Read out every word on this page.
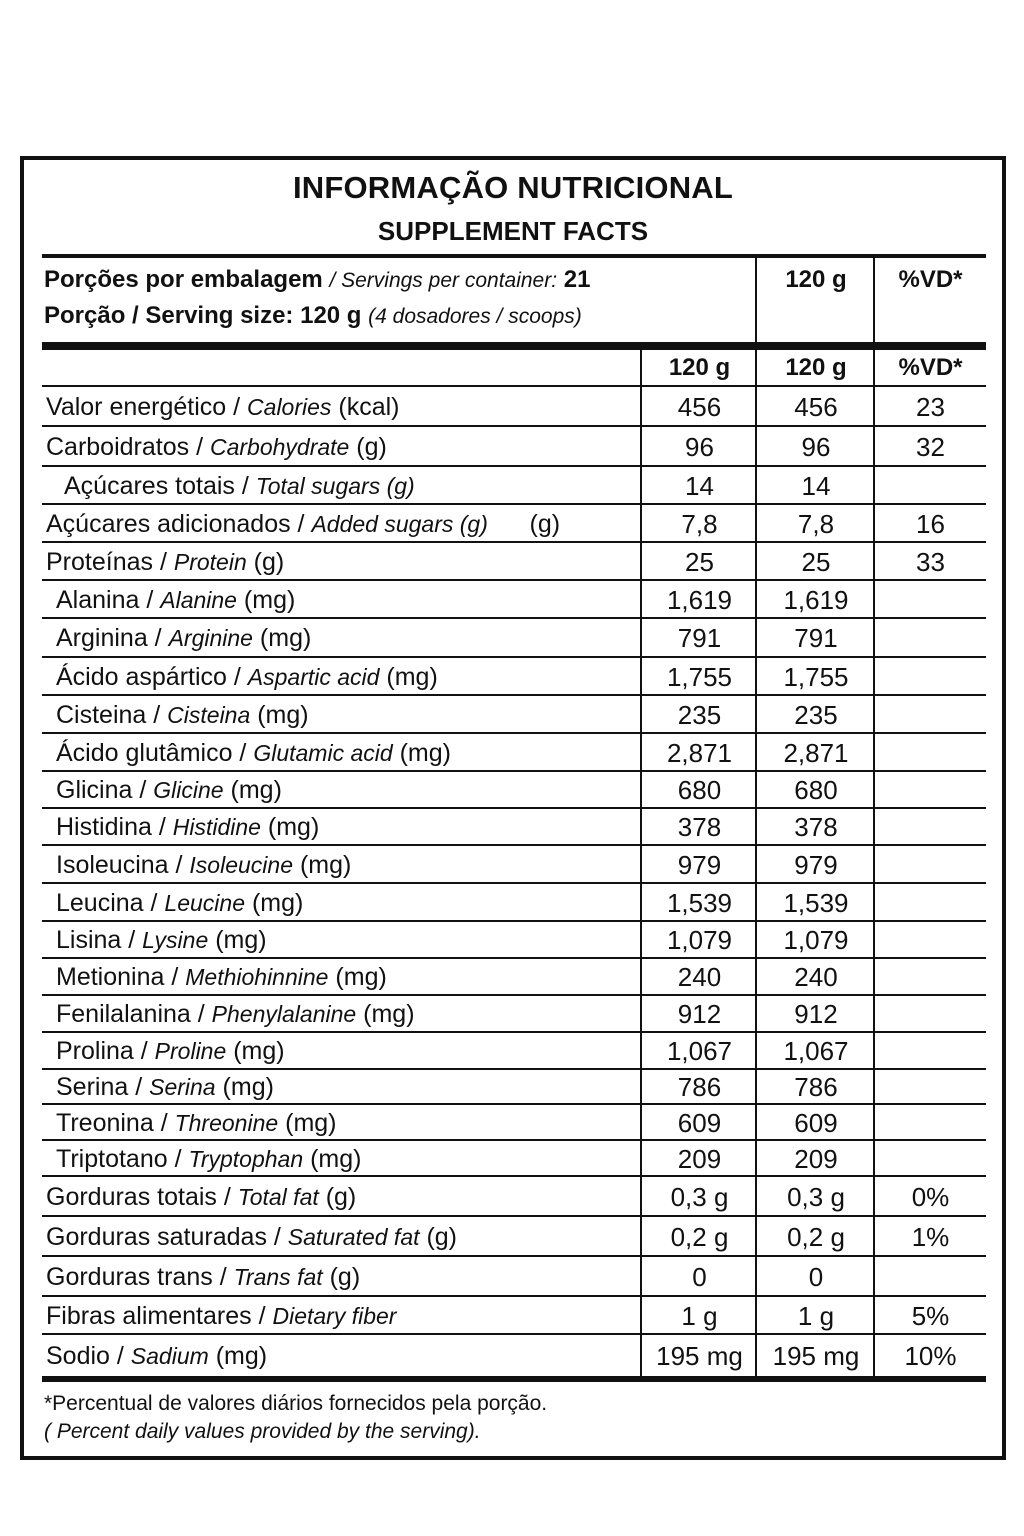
INFORMAÇÃO NUTRICIONAL
SUPPLEMENT FACTS
Porções por embalagem / Servings per container: 21
Porção / Serving size: 120 g (4 dosadores / scoops)
120 g	%VD*
120 g	120 g	%VD*
Valor energético / Calories (kcal)	456	456	23
Carboidratos / Carbohydrate (g)	96	96	32
Açúcares totais / Total sugars (g)	14	14
Açúcares adicionados / Added sugars (g) (g)	7,8	7,8	16
Proteínas / Protein (g)	25	25	33
Alanina / Alanine (mg)	1,619	1,619
Arginina / Arginine (mg)	791	791
Ácido aspártico / Aspartic acid (mg)	1,755	1,755
Cisteina / Cisteina (mg)	235	235
Ácido glutâmico / Glutamic acid (mg)	2,871	2,871
Glicina / Glicine (mg)	680	680
Histidina / Histidine (mg)	378	378
Isoleucina / Isoleucine (mg)	979	979
Leucina / Leucine (mg)	1,539	1,539
Lisina / Lysine (mg)	1,079	1,079
Metionina / Methiohinnine (mg)	240	240
Fenilalanina / Phenylalanine (mg)	912	912
Prolina / Proline (mg)	1,067	1,067
Serina / Serina (mg)	786	786
Treonina / Threonine (mg)	609	609
Triptotano / Tryptophan (mg)	209	209
Gorduras totais / Total fat (g)	0,3 g	0,3 g	0%
Gorduras saturadas / Saturated fat (g)	0,2 g	0,2 g	1%
Gorduras trans / Trans fat (g)	0	0
Fibras alimentares / Dietary fiber	1 g	1 g	5%
Sodio / Sadium (mg)	195 mg	195 mg	10%
*Percentual de valores diários fornecidos pela porção.
( Percent daily values provided by the serving).
